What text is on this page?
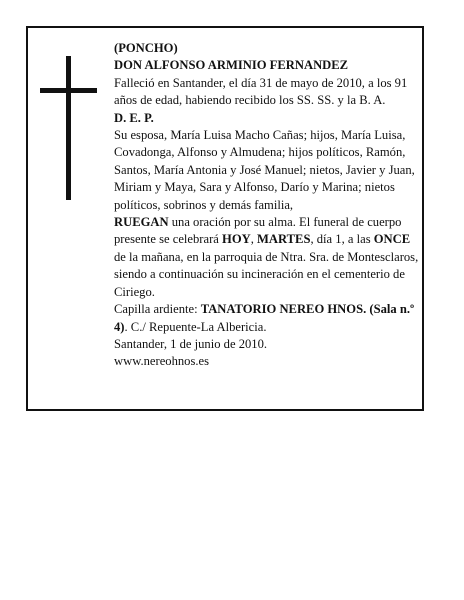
(PONCHO)

DON ALFONSO ARMINIO FERNANDEZ

Falleció en Santander, el día 31 de mayo de 2010, a los 91 años de edad, habiendo recibido los SS. SS. y la B. A.

D. E. P.

Su esposa, María Luisa Macho Cañas; hijos, María Luisa, Covadonga, Alfonso y Almudena; hijos políticos, Ramón, Santos, María Antonia y José Manuel; nietos, Javier y Juan, Miriam y Maya, Sara y Alfonso, Darío y Marina; nietos políticos, sobrinos y demás familia,

RUEGAN una oración por su alma. El funeral de cuerpo presente se celebrará HOY, MARTES, día 1, a las ONCE de la mañana, en la parroquia de Ntra. Sra. de Montesclaros, siendo a continuación su incineración en el cementerio de Ciriego.

Capilla ardiente: TANATORIO NEREO HNOS. (Sala n.º 4). C./ Repuente-La Albericia.

Santander, 1 de junio de 2010.

www.nereohnos.es
